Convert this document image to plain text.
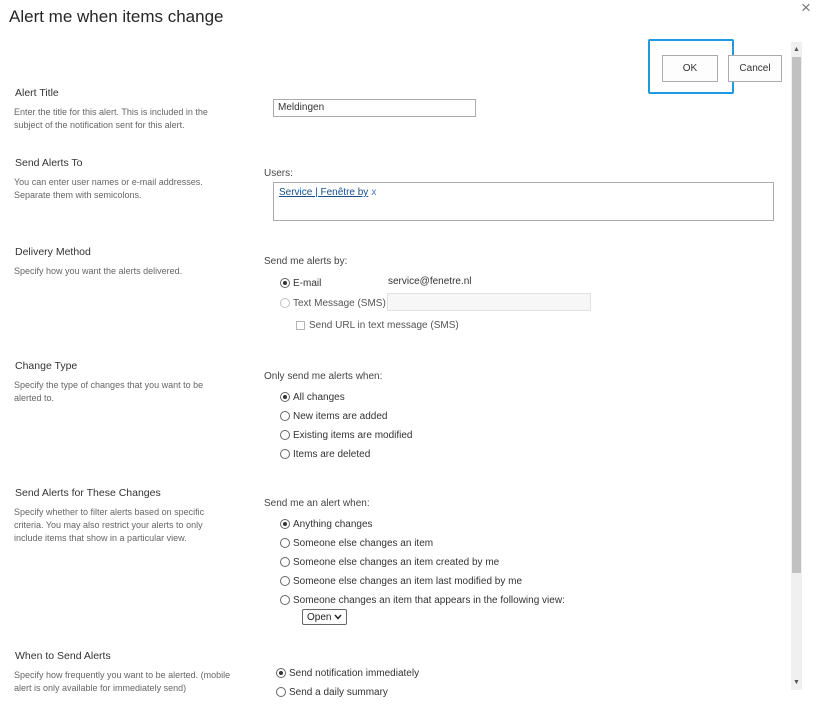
Alert me when items change	×
OK	Cancel
Alert Title
Enter the title for this alert. This is included in the subject of the notification sent for this alert.
Meldingen
Send Alerts To
You can enter user names or e-mail addresses. Separate them with semicolons.
Users:
Service | Fenêtre by x
Delivery Method
Specify how you want the alerts delivered.
Send me alerts by:
E-mail	service@fenetre.nl
Text Message (SMS)
Send URL in text message (SMS)
Change Type
Specify the type of changes that you want to be alerted to.
Only send me alerts when:
All changes
New items are added
Existing items are modified
Items are deleted
Send Alerts for These Changes
Specify whether to filter alerts based on specific criteria. You may also restrict your alerts to only include items that show in a particular view.
Send me an alert when:
Anything changes
Someone else changes an item
Someone else changes an item created by me
Someone else changes an item last modified by me
Someone changes an item that appears in the following view:
Open
When to Send Alerts
Specify how frequently you want to be alerted. (mobile alert is only available for immediately send)
Send notification immediately
Send a daily summary
▲
▼
